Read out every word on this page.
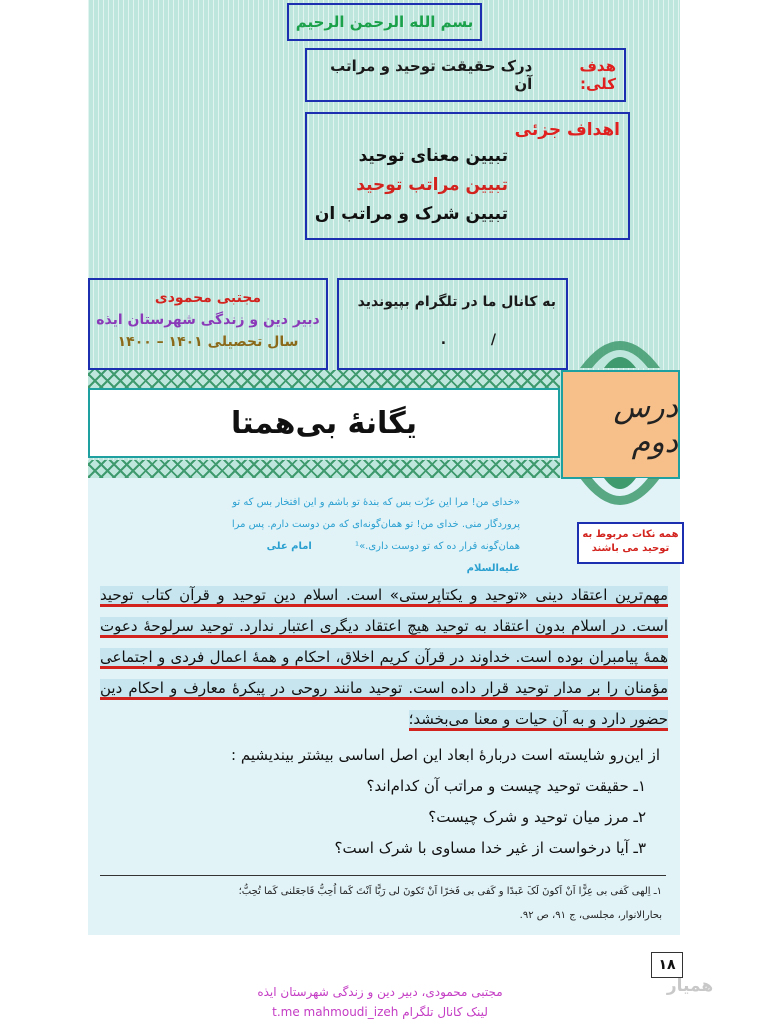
بسم الله الرحمن الرحیم
هدف کلی:
درک حقیقت توحید و مراتب آن
اهداف جزئی
تبیین معنای توحید
تبیین مراتب توحید
تبیین شرک و مراتب ان
مجتبی محمودی
دبیر دین و زندگی شهرستان ایذه
سال تحصیلی ۱۴۰۱ – ۱۴۰۰
به کانال ما در تلگرام بپیوندید
/ .
یگانهٔ بی‌همتا	درس دوم
«خدای من! مرا این عزّت بس که بندهٔ تو باشم و این افتخار بس که تو
پروردگار منی. خدای من! تو همان‌گونه‌ای که من دوست دارم. پس مرا
همان‌گونه قرار ده که تو دوست داری.»¹ امام علی علیه‌السلام
همه نکات مربوط به توحید می باشند
مهم‌ترین اعتقاد دینی «توحید و یکتاپرستی» است. اسلام دین توحید و قرآن کتاب توحید است. در اسلام بدون اعتقاد به توحید هیچ اعتقاد دیگری اعتبار ندارد. توحید سرلوحهٔ دعوت همهٔ پیامبران بوده است. خداوند در قرآن کریم اخلاق، احکام و همهٔ اعمال فردی و اجتماعی مؤمنان را بر مدار توحید قرار داده است. توحید مانند روحی در پیکرهٔ معارف و احکام دین حضور دارد و به آن حیات و معنا می‌بخشد؛
از این‌رو شایسته است دربارهٔ ابعاد این اصل اساسی بیشتر بیندیشیم :
۱ـ حقیقت توحید چیست و مراتب آن کدام‌اند؟
۲ـ مرز میان توحید و شرک چیست؟
۳ـ آیا درخواست از غیر خدا مساوی با شرک است؟
۱ـ اِلهی کَفی بی عِزًّا اَنْ اَکونَ لَکَ عَبدًا و کَفی بی فَخرًا اَنْ تَکونَ لی رَبًّا اَنْتَ کَما اُحِبُّ فَاجعَلنی کَما تُحِبُّ؛
بحارالانوار، مجلسی، ج ۹۱، ص ۹۲.
۱۸
همیار
مجتبی محمودی، دبیر دین و زندگی شهرستان ایذه
لینک کانال تلگرام t.me mahmoudi_izeh
